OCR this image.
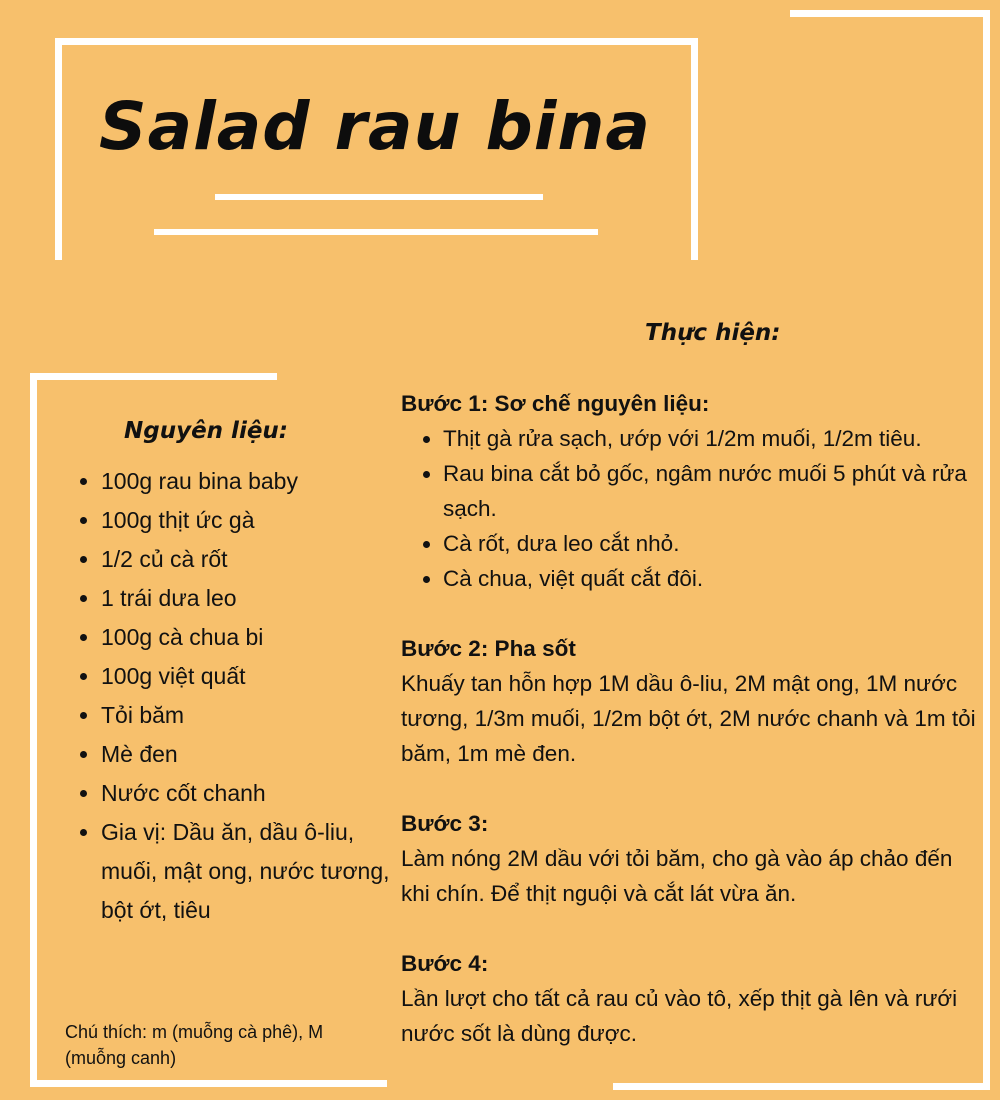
Salad rau bina
Nguyên liệu:
• 100g rau bina baby
• 100g thịt ức gà
• 1/2 củ cà rốt
• 1 trái dưa leo
• 100g cà chua bi
• 100g việt quất
• Tỏi băm
• Mè đen
• Nước cốt chanh
• Gia vị: Dầu ăn, dầu ô-liu, muối, mật ong, nước tương, bột ớt, tiêu
Chú thích: m (muỗng cà phê), M (muỗng canh)
Thực hiện:
Bước 1: Sơ chế nguyên liệu:
• Thịt gà rửa sạch, ướp với 1/2m muối, 1/2m tiêu.
• Rau bina cắt bỏ gốc, ngâm nước muối 5 phút và rửa sạch.
• Cà rốt, dưa leo cắt nhỏ.
• Cà chua, việt quất cắt đôi.
Bước 2: Pha sốt
Khuấy tan hỗn hợp 1M dầu ô-liu, 2M mật ong, 1M nước tương, 1/3m muối, 1/2m bột ớt, 2M nước chanh và 1m tỏi băm, 1m mè đen.
Bước 3:
Làm nóng 2M dầu với tỏi băm, cho gà vào áp chảo đến khi chín. Để thịt nguội và cắt lát vừa ăn.
Bước 4:
Lần lượt cho tất cả rau củ vào tô, xếp thịt gà lên và rưới nước sốt là dùng được.
